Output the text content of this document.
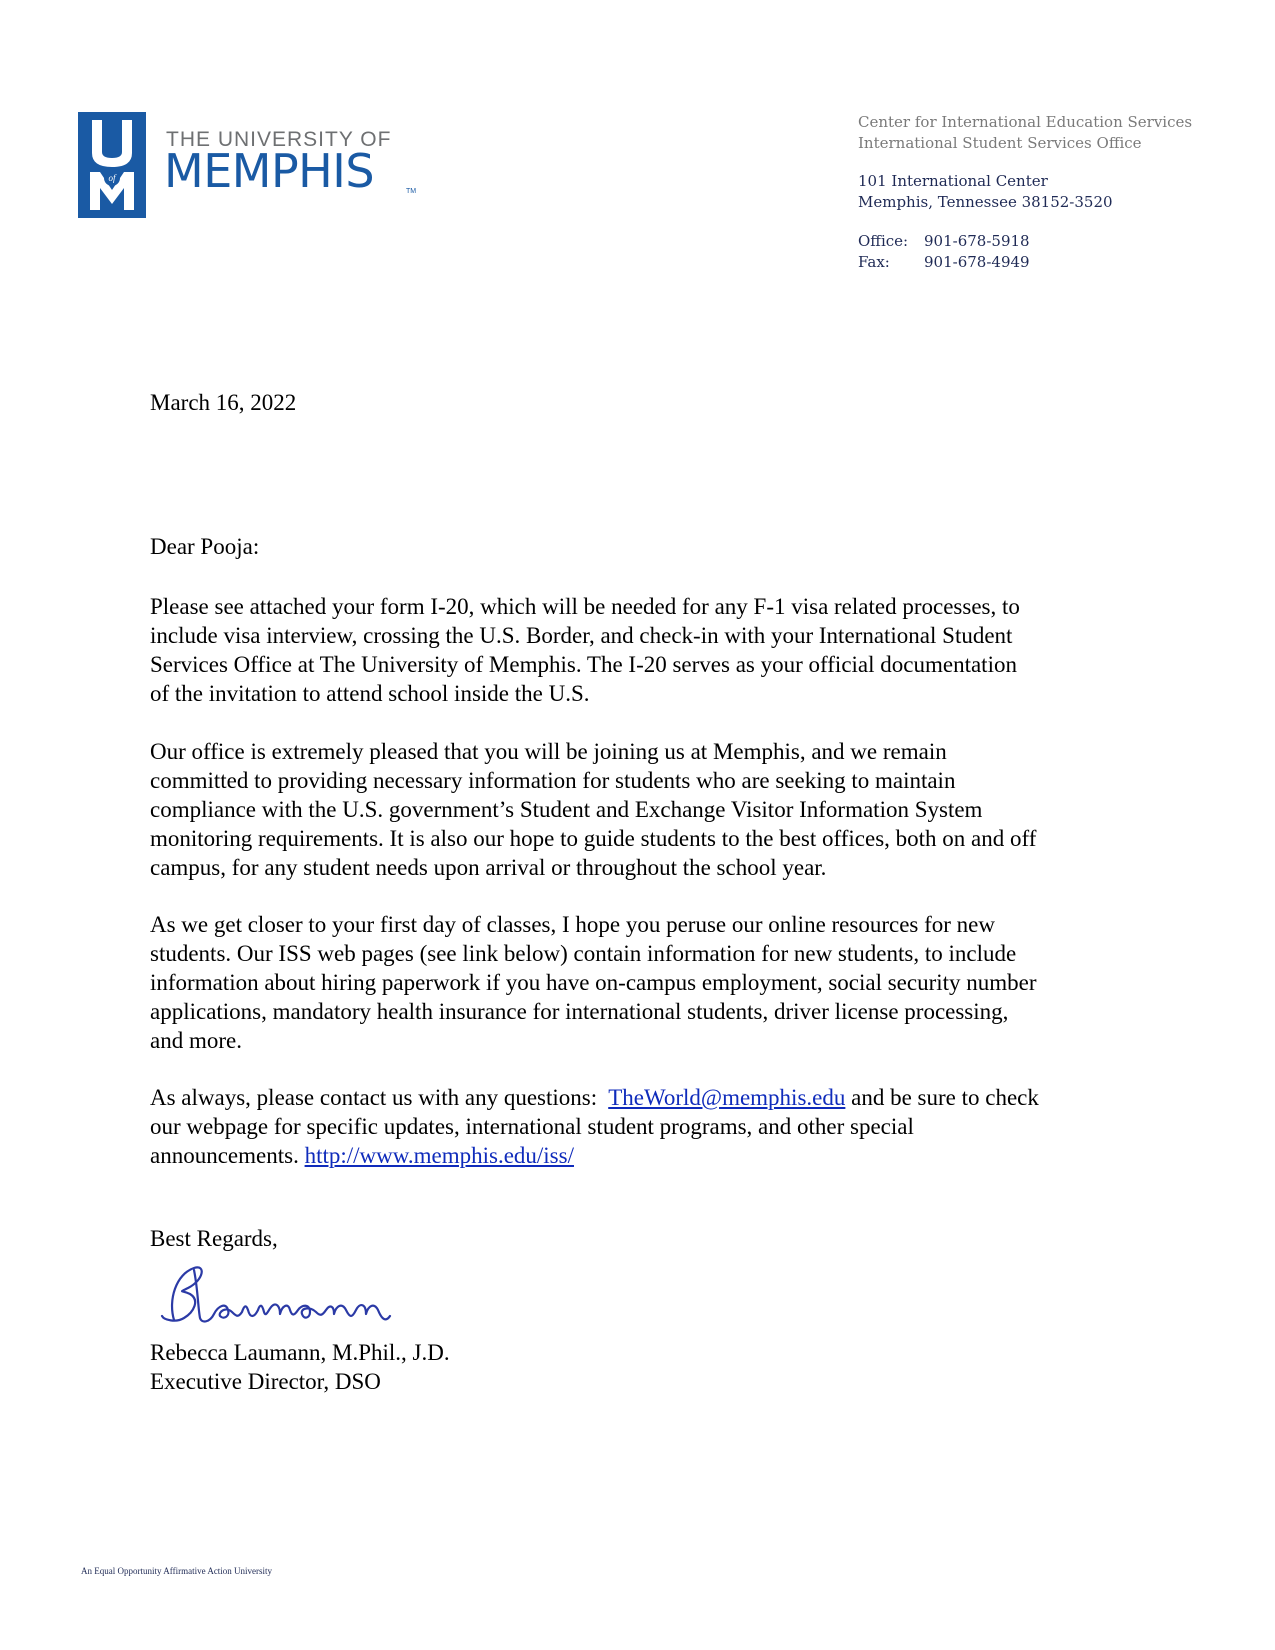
of
THE UNIVERSITY OF
MEMPHIS	TM
Center for International Education Services
International Student Services Office
101 International Center
Memphis, Tennessee 38152-3520
Office:	901-678-5918
Fax:	901-678-4949
March 16, 2022
Dear Pooja:
Please see attached your form I-20, which will be needed for any F-1 visa related processes, to
include visa interview, crossing the U.S. Border, and check-in with your International Student
Services Office at The University of Memphis. The I-20 serves as your official documentation
of the invitation to attend school inside the U.S.
Our office is extremely pleased that you will be joining us at Memphis, and we remain
committed to providing necessary information for students who are seeking to maintain
compliance with the U.S. government’s Student and Exchange Visitor Information System
monitoring requirements. It is also our hope to guide students to the best offices, both on and off
campus, for any student needs upon arrival or throughout the school year.
As we get closer to your first day of classes, I hope you peruse our online resources for new
students. Our ISS web pages (see link below) contain information for new students, to include
information about hiring paperwork if you have on-campus employment, social security number
applications, mandatory health insurance for international students, driver license processing,
and more.
As always, please contact us with any questions:  TheWorld@memphis.edu and be sure to check
our webpage for specific updates, international student programs, and other special
announcements. http://www.memphis.edu/iss/
Best Regards,
Rebecca Laumann, M.Phil., J.D.
Executive Director, DSO
An Equal Opportunity Affirmative Action University
